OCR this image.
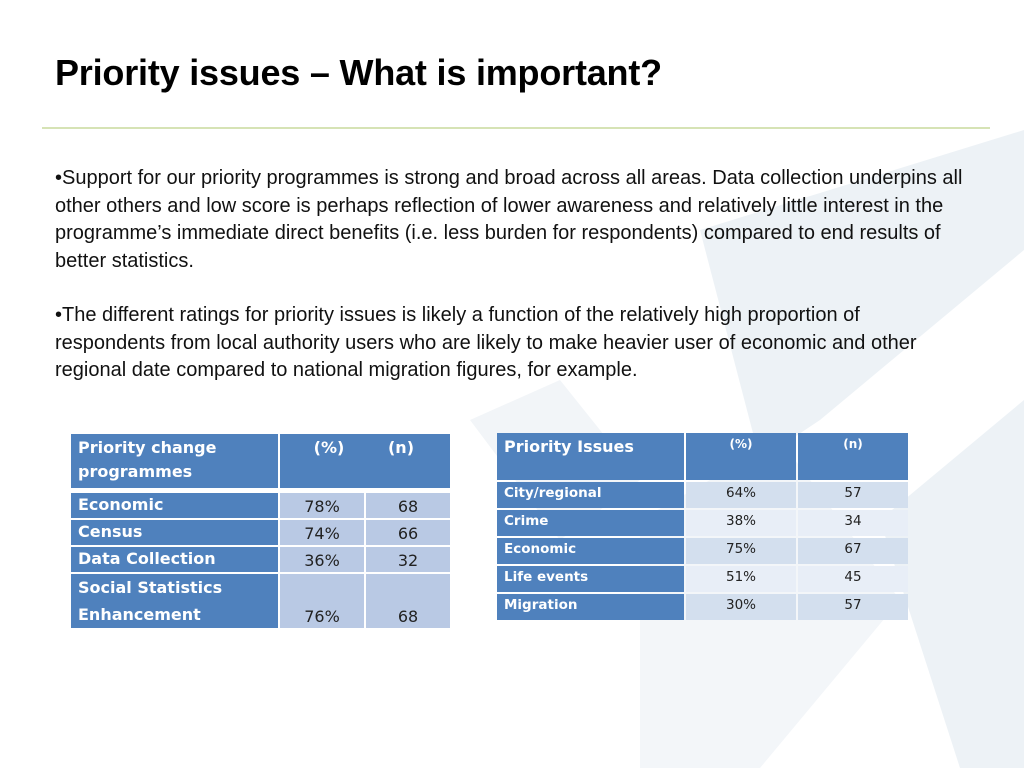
Priority issues – What is important?

•Support for our priority programmes is strong and broad across all areas. Data collection underpins all other others and low score is perhaps reflection of lower awareness and relatively little interest in the programme’s immediate direct benefits (i.e. less burden for respondents) compared to end results of better statistics.

•The different ratings for priority issues is likely a function of the relatively high proportion of respondents from local authority users who are likely to make heavier user of economic and other regional date compared to national migration figures, for example.

Priority change programmes	(%) (n)	

Economic	78%	68
Census	74%	66
Data Collection	36%	32
Social Statistics Enhancement	76%	68
Priority Issues	(%)	(n)
City/regional	64%	57
Crime	38%	34
Economic	75%	67
Life events	51%	45
Migration	30%	57
